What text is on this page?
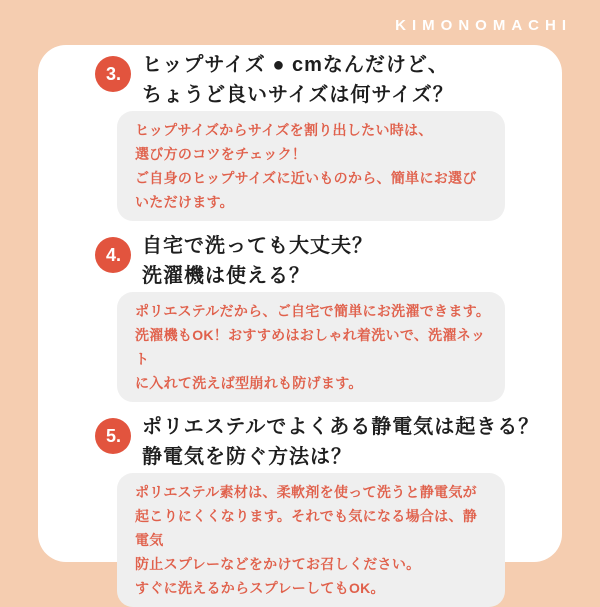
KIMONOMACHI
3.	ヒップサイズ ● cmなんだけど、
ちょうど良いサイズは何サイズ？
ヒップサイズからサイズを割り出したい時は、
選び方のコツをチェック！
ご自身のヒップサイズに近いものから、簡単にお選び
いただけます。
4.	自宅で洗っても大丈夫？
洗濯機は使える？
ポリエステルだから、ご自宅で簡単にお洗濯できます。
洗濯機もOK！おすすめはおしゃれ着洗いで、洗濯ネット
に入れて洗えば型崩れも防げます。
5.	ポリエステルでよくある静電気は起きる？
静電気を防ぐ方法は？
ポリエステル素材は、柔軟剤を使って洗うと静電気が
起こりにくくなります。それでも気になる場合は、静電気
防止スプレーなどをかけてお召しください。
すぐに洗えるからスプレーしてもOK。
